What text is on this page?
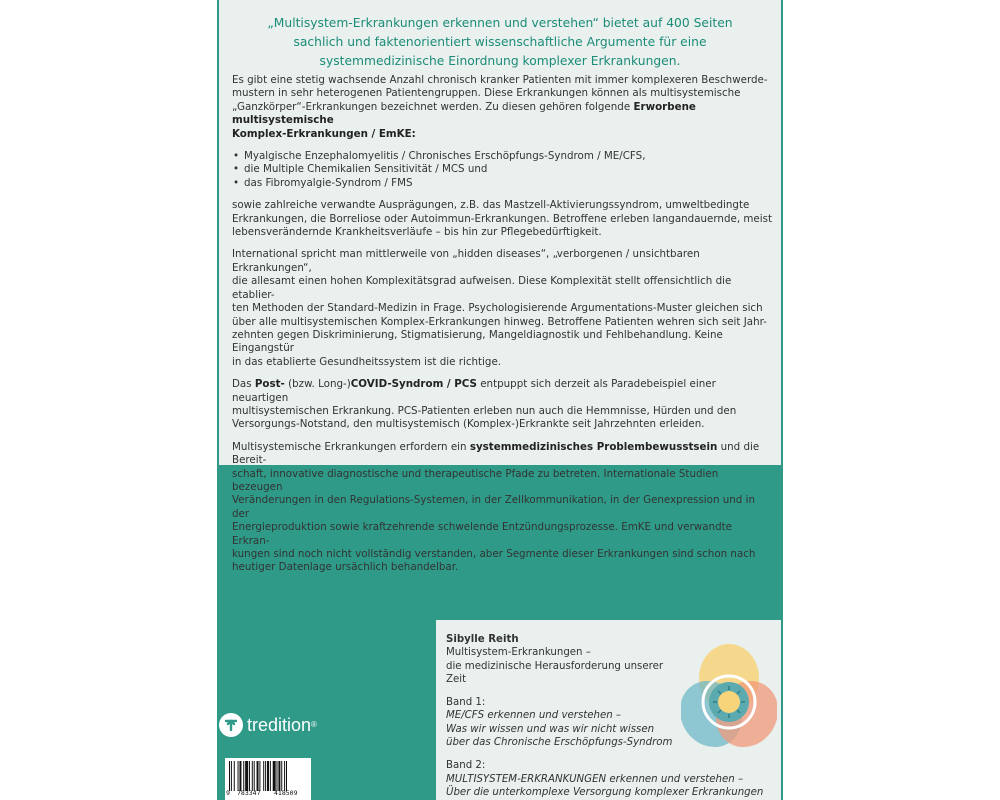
„Multisystem-Erkrankungen erkennen und verstehen“ bietet auf 400 Seiten
sachlich und faktenorientiert wissenschaftliche Argumente für eine
systemmedizinische Einordnung komplexer Erkrankungen.

Es gibt eine stetig wachsende Anzahl chronisch kranker Patienten mit immer komplexeren Beschwerde-
mustern in sehr heterogenen Patientengruppen. Diese Erkrankungen können als multisystemische
„Ganzkörper“-Erkrankungen bezeichnet werden. Zu diesen gehören folgende Erworbene multisystemische
Komplex-Erkrankungen / EmKE:

• Myalgische Enzephalomyelitis / Chronisches Erschöpfungs-Syndrom / ME/CFS,
• die Multiple Chemikalien Sensitivität / MCS und
• das Fibromyalgie-Syndrom / FMS

sowie zahlreiche verwandte Ausprägungen, z.B. das Mastzell-Aktivierungssyndrom, umweltbedingte
Erkrankungen, die Borreliose oder Autoimmun-Erkrankungen. Betroffene erleben langandauernde, meist
lebensverändernde Krankheitsverläufe – bis hin zur Pflegebedürftigkeit.

International spricht man mittlerweile von „hidden diseases“, „verborgenen / unsichtbaren Erkrankungen“,
die allesamt einen hohen Komplexitätsgrad aufweisen. Diese Komplexität stellt offensichtlich die etablier-
ten Methoden der Standard-Medizin in Frage. Psychologisierende Argumentations-Muster gleichen sich
über alle multisystemischen Komplex-Erkrankungen hinweg. Betroffene Patienten wehren sich seit Jahr-
zehnten gegen Diskriminierung, Stigmatisierung, Mangeldiagnostik und Fehlbehandlung. Keine Eingangstür
in das etablierte Gesundheitssystem ist die richtige.

Das Post- (bzw. Long-)COVID-Syndrom / PCS entpuppt sich derzeit als Paradebeispiel einer neuartigen
multisystemischen Erkrankung. PCS-Patienten erleben nun auch die Hemmnisse, Hürden und den
Versorgungs-Notstand, den multisystemisch (Komplex-)Erkrankte seit Jahrzehnten erleiden.

Multisystemische Erkrankungen erfordern ein systemmedizinisches Problembewusstsein und die Bereit-
schaft, innovative diagnostische und therapeutische Pfade zu betreten. Internationale Studien bezeugen
Veränderungen in den Regulations-Systemen, in der Zellkommunikation, in der Genexpression und in der
Energieproduktion sowie kraftzehrende schwelende Entzündungsprozesse. EmKE und verwandte Erkran-
kungen sind noch nicht vollständig verstanden, aber Segmente dieser Erkrankungen sind schon nach
heutiger Datenlage ursächlich behandelbar.

Sibylle Reith
Multisystem-Erkrankungen –
die medizinische Herausforderung unserer Zeit
Band 1:
ME/CFS erkennen und verstehen –
Was wir wissen und was wir nicht wissen
über das Chronische Erschöpfungs-Syndrom
Band 2:
MULTISYSTEM-ERKRANKUNGEN erkennen und verstehen –
Über die unterkomplexe Versorgung komplexer Erkrankungen
tredition®
9 783347 418509
